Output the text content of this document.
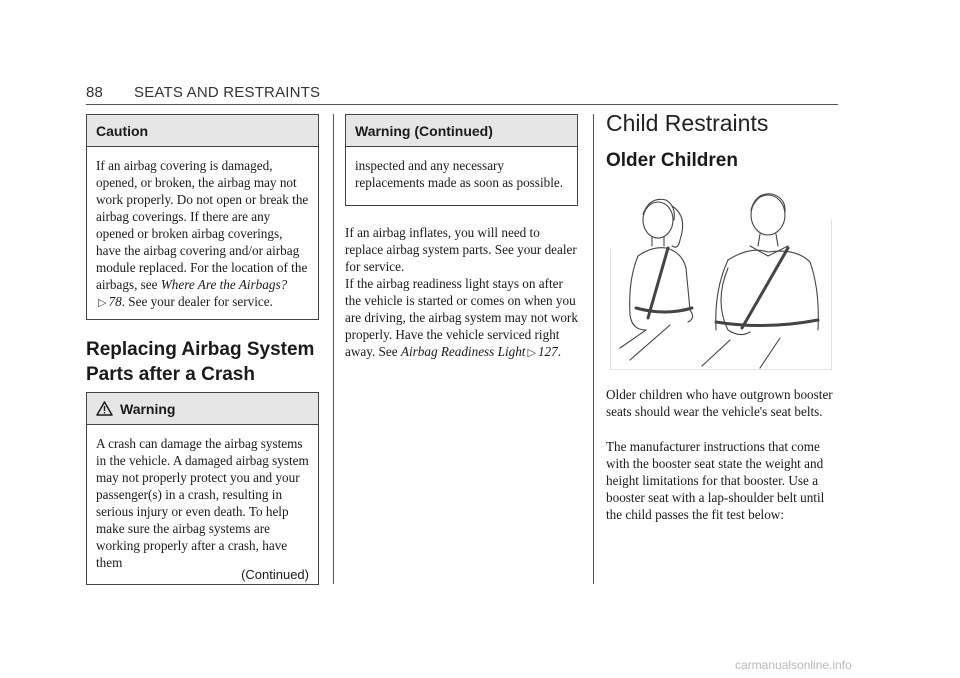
88 SEATS AND RESTRAINTS
Caution
If an airbag covering is damaged, opened, or broken, the airbag may not work properly. Do not open or break the airbag coverings. If there are any opened or broken airbag coverings, have the airbag covering and/or airbag module replaced. For the location of the airbags, see Where Are the Airbags?▷ 78. See your dealer for service.
Replacing Airbag System Parts after a Crash
Warning
A crash can damage the airbag systems in the vehicle. A damaged airbag system may not properly protect you and your passenger(s) in a crash, resulting in serious injury or even death. To help make sure the airbag systems are working properly after a crash, have them
(Continued)
Warning (Continued)
inspected and any necessary replacements made as soon as possible.
If an airbag inflates, you will need to replace airbag system parts. See your dealer for service.
If the airbag readiness light stays on after the vehicle is started or comes on when you are driving, the airbag system may not work properly. Have the vehicle serviced right away. See Airbag Readiness Light ▷ 127.
Child Restraints
Older Children
Older children who have outgrown booster seats should wear the vehicle's seat belts.
The manufacturer instructions that come with the booster seat state the weight and height limitations for that booster. Use a booster seat with a lap-shoulder belt until the child passes the fit test below:
carmanualsonline.info
